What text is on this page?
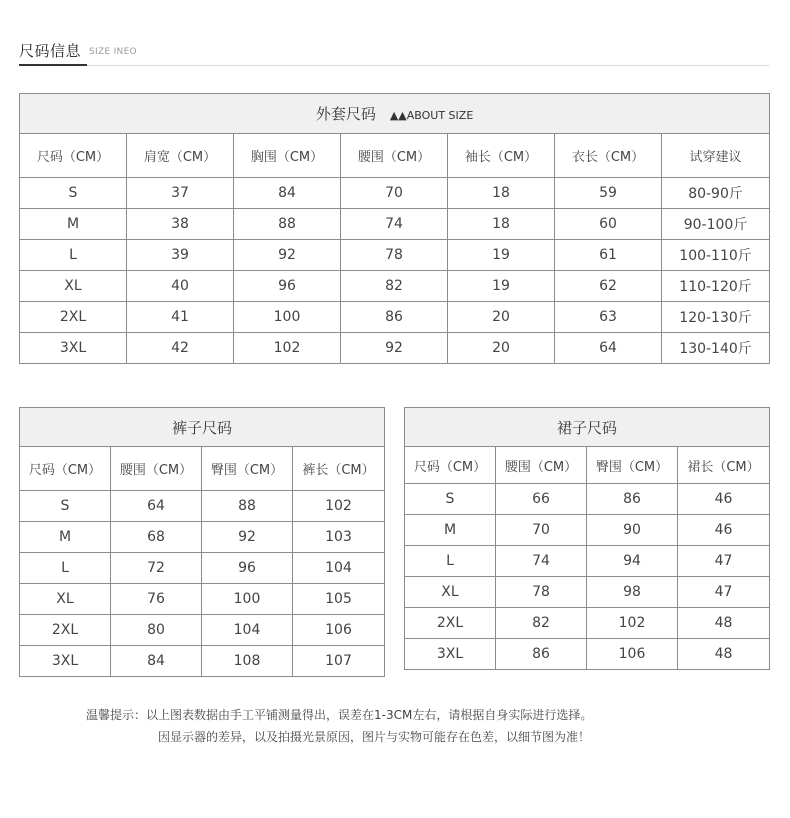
尺码信息 SIZE INEO
外套尺码 ▲▲ABOUT SIZE						
尺码（CM）	肩宽（CM）	胸围（CM）	腰围（CM）	袖长（CM）	衣长（CM）	试穿建议
S	37	84	70	18	59	80-90斤
M	38	88	74	18	60	90-100斤
L	39	92	78	19	61	100-110斤
XL	40	96	82	19	62	110-120斤
2XL	41	100	86	20	63	120-130斤
3XL	42	102	92	20	64	130-140斤
裤子尺码			
尺码（CM）	腰围（CM）	臀围（CM）	裤长（CM）
S	64	88	102
M	68	92	103
L	72	96	104
XL	76	100	105
2XL	80	104	106
3XL	84	108	107
裙子尺码			
尺码（CM）	腰围（CM）	臀围（CM）	裙长（CM）
S	66	86	46
M	70	90	46
L	74	94	47
XL	78	98	47
2XL	82	102	48
3XL	86	106	48
温馨提示：以上图表数据由手工平铺测量得出，误差在1-3CM左右，请根据自身实际进行选择。
因显示器的差异，以及拍摄光景原因，图片与实物可能存在色差，以细节图为准！
